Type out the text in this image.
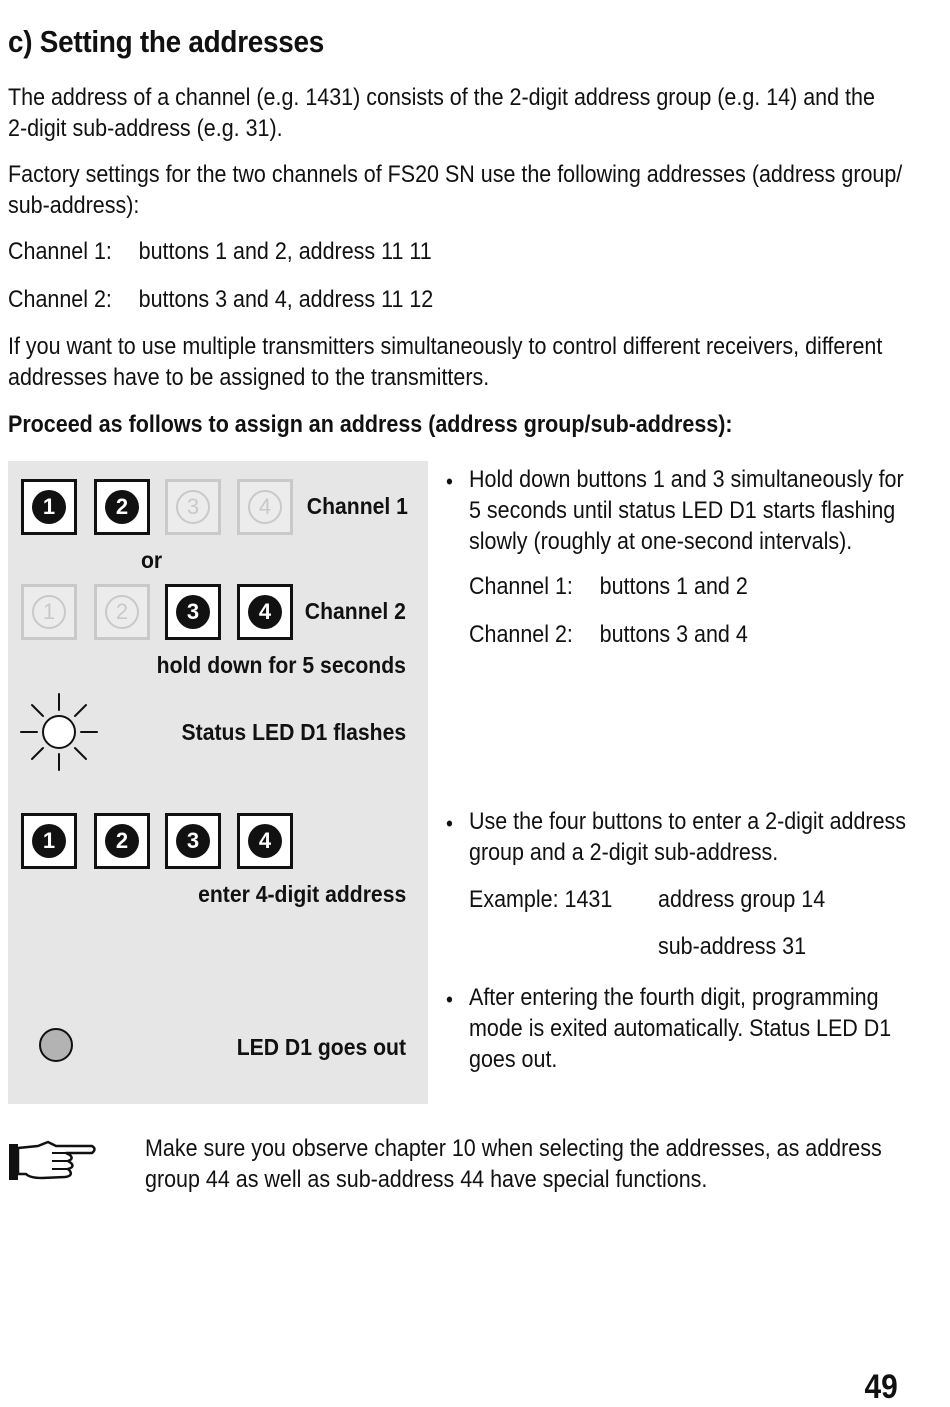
c) Setting the addresses
The address of a channel (e.g. 1431) consists of the 2-digit address group (e.g. 14) and the
2-digit sub-address (e.g. 31).
Factory settings for the two channels of FS20 SN use the following addresses (address group/
sub-address):
Channel 1: buttons 1 and 2, address 11 11
Channel 2: buttons 3 and 4, address 11 12
If you want to use multiple transmitters simultaneously to control different receivers, different
addresses have to be assigned to the transmitters.
Proceed as follows to assign an address (address group/sub-address):
1	2	3	4	Channel 1
or
1	2	3	4	Channel 2
hold down for 5 seconds
Status LED D1 flashes
1	2	3	4
enter 4-digit address
LED D1 goes out
• Hold down buttons 1 and 3 simultaneously for
5 seconds until status LED D1 starts flashing
slowly (roughly at one-second intervals).
Channel 1: buttons 1 and 2
Channel 2: buttons 3 and 4
• Use the four buttons to enter a 2-digit address
group and a 2-digit sub-address.
Example: 1431 address group 14
sub-address 31
• After entering the fourth digit, programming
mode is exited automatically. Status LED D1
goes out.
Make sure you observe chapter 10 when selecting the addresses, as address
group 44 as well as sub-address 44 have special functions.
49
